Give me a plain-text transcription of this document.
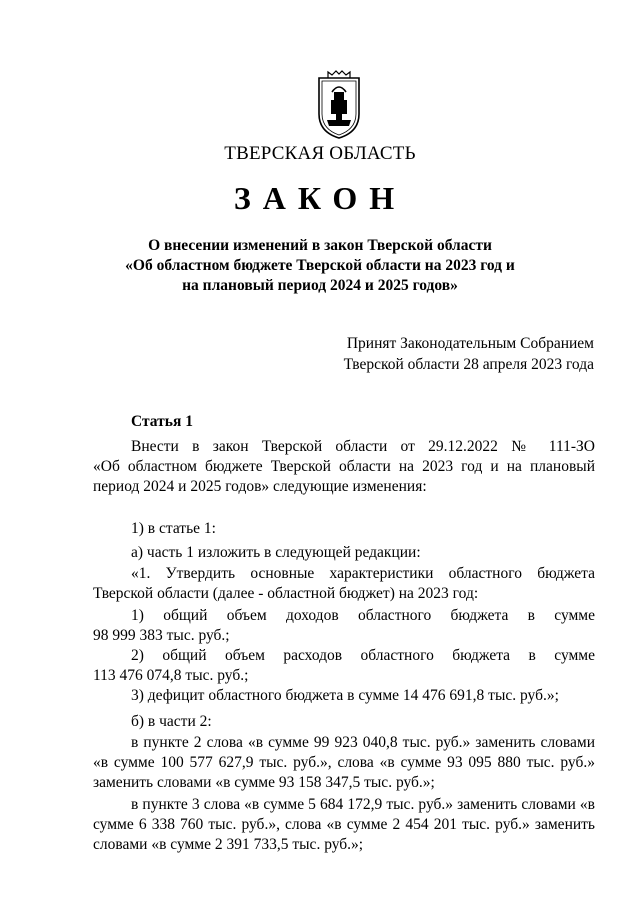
ТВЕРСКАЯ ОБЛАСТЬ
ЗАКОН
О внесении изменений в закон Тверской области
«Об областном бюджете Тверской области на 2023 год и
на плановый период 2024 и 2025 годов»
Принят Законодательным Собранием
Тверской области 28 апреля 2023 года
Статья 1

Внести в закон Тверской области от 29.12.2022 № 111-ЗО

«Об областном бюджете Тверской области на 2023 год и на плановый период 2024 и 2025 годов» следующие изменения:

1) в статье 1:

а) часть 1 изложить в следующей редакции:

«1. Утвердить основные характеристики областного бюджета Тверской области (далее - областной бюджет) на 2023 год:

1) общий объем доходов областного бюджета в сумме

98 999 383 тыс. руб.;

2) общий объем расходов областного бюджета в сумме

113 476 074,8 тыс. руб.;

3) дефицит областного бюджета в сумме 14 476 691,8 тыс. руб.»;

б) в части 2:

в пункте 2 слова «в сумме 99 923 040,8 тыс. руб.» заменить словами «в сумме 100 577 627,9 тыс. руб.», слова «в сумме 93 095 880 тыс. руб.» заменить словами «в сумме 93 158 347,5 тыс. руб.»;

в пункте 3 слова «в сумме 5 684 172,9 тыс. руб.» заменить словами «в сумме 6 338 760 тыс. руб.», слова «в сумме 2 454 201 тыс. руб.» заменить словами «в сумме 2 391 733,5 тыс. руб.»;
